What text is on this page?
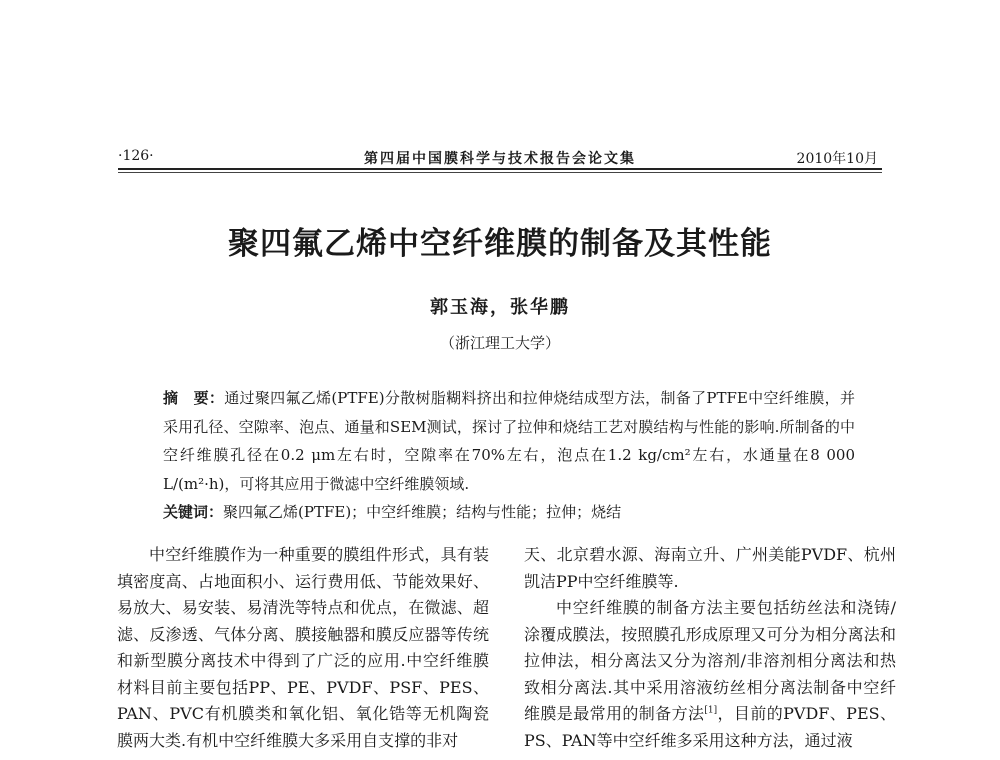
·126·	第四届中国膜科学与技术报告会论文集	2010年10月
聚四氟乙烯中空纤维膜的制备及其性能
郭玉海，张华鹏
（浙江理工大学）

摘　要：通过聚四氟乙烯(PTFE)分散树脂糊料挤出和拉伸烧结成型方法，制备了PTFE中空纤维膜，并采用孔径、空隙率、泡点、通量和SEM测试，探讨了拉伸和烧结工艺对膜结构与性能的影响.所制备的中空纤维膜孔径在0.2 μm左右时，空隙率在70%左右，泡点在1.2 kg/cm²左右，水通量在8 000 L/(m²·h)，可将其应用于微滤中空纤维膜领域.

关键词：聚四氟乙烯(PTFE)；中空纤维膜；结构与性能；拉伸；烧结

中空纤维膜作为一种重要的膜组件形式，具有装填密度高、占地面积小、运行费用低、节能效果好、易放大、易安装、易清洗等特点和优点，在微滤、超滤、反渗透、气体分离、膜接触器和膜反应器等传统和新型膜分离技术中得到了广泛的应用.中空纤维膜材料目前主要包括PP、PE、PVDF、PSF、PES、PAN、PVC有机膜类和氧化铝、氧化锆等无机陶瓷膜两大类.有机中空纤维膜大多采用自支撑的非对

天、北京碧水源、海南立升、广州美能PVDF、杭州凯洁PP中空纤维膜等.

中空纤维膜的制备方法主要包括纺丝法和浇铸/涂覆成膜法，按照膜孔形成原理又可分为相分离法和拉伸法，相分离法又分为溶剂/非溶剂相分离法和热致相分离法.其中采用溶液纺丝相分离法制备中空纤维膜是最常用的制备方法[1]，目前的PVDF、PES、PS、PAN等中空纤维多采用这种方法，通过液
